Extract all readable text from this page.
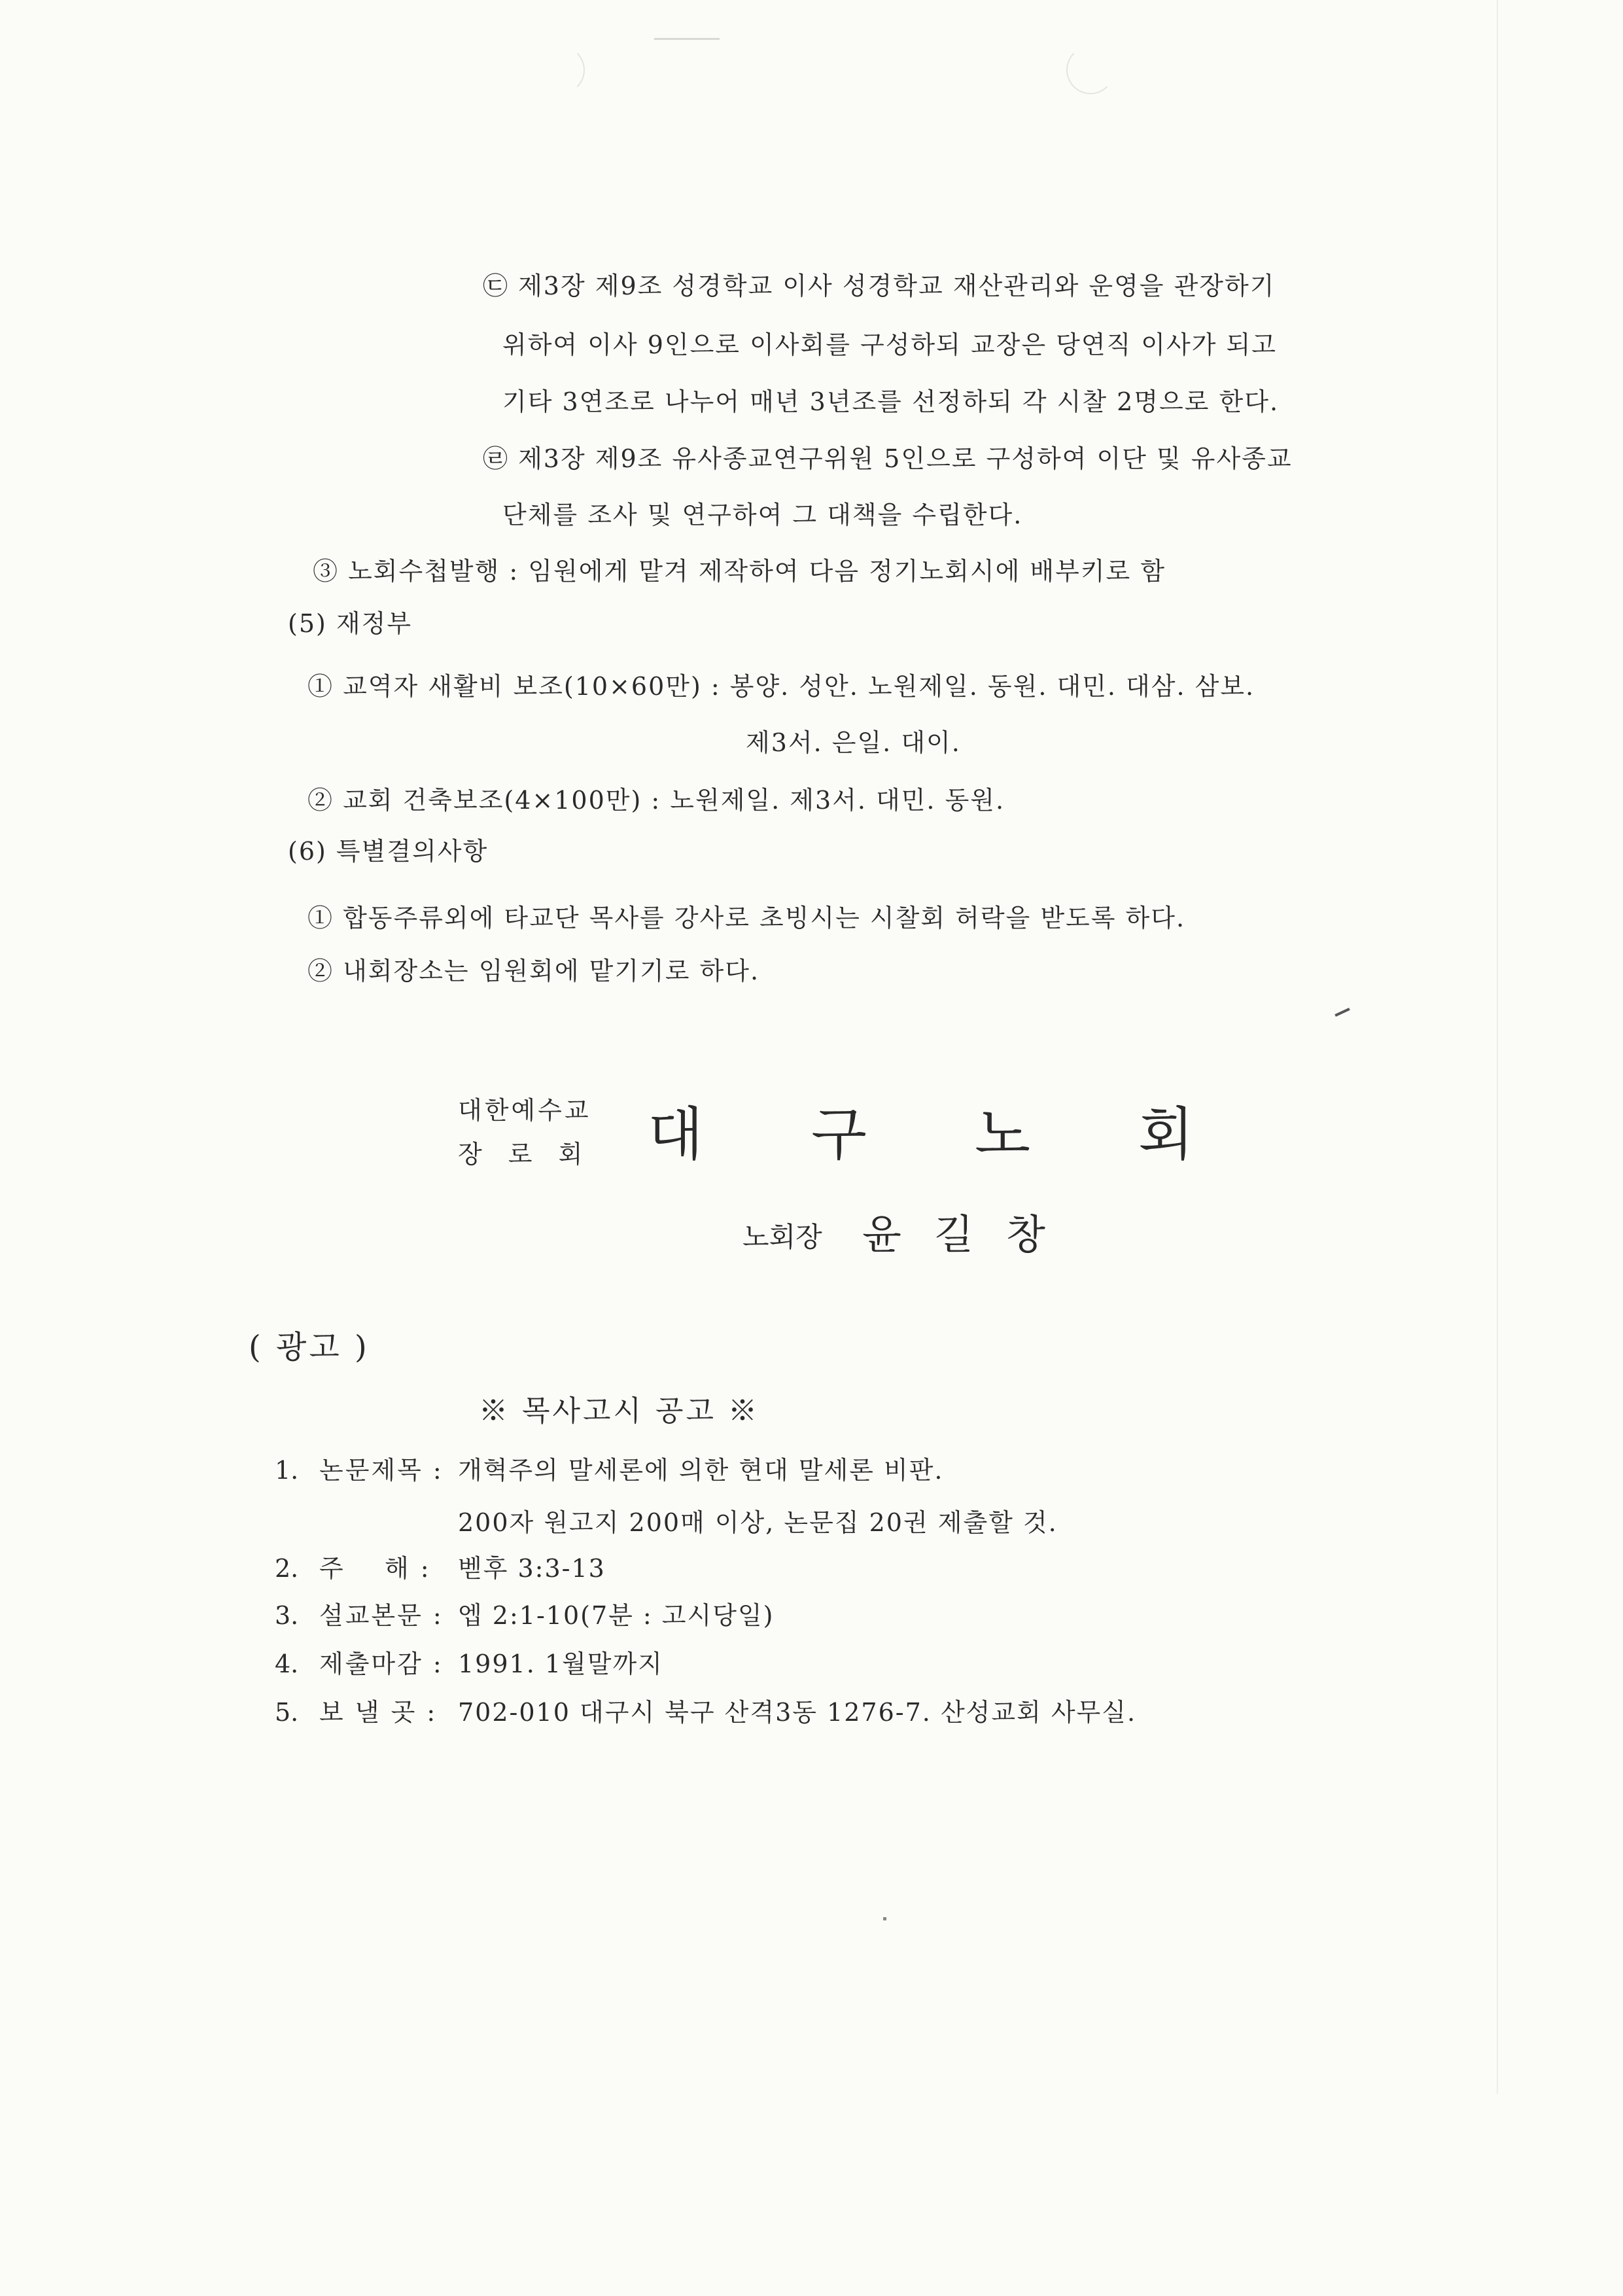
㉢ 제3장 제9조 성경학교 이사 성경학교 재산관리와 운영을 관장하기
위하여 이사 9인으로 이사회를 구성하되 교장은 당연직 이사가 되고
기타 3연조로 나누어 매년 3년조를 선정하되 각 시찰 2명으로 한다.
㉣ 제3장 제9조 유사종교연구위원 5인으로 구성하여 이단 및 유사종교
단체를 조사 및 연구하여 그 대책을 수립한다.
③ 노회수첩발행 : 임원에게 맡겨 제작하여 다음 정기노회시에 배부키로 함
(5) 재정부
① 교역자 새활비 보조(10×60만) : 봉양. 성안. 노원제일. 동원. 대민. 대삼. 삼보.
제3서. 은일. 대이.
② 교회 건축보조(4×100만) : 노원제일. 제3서. 대민. 동원.
(6) 특별결의사항
① 합동주류외에 타교단 목사를 강사로 초빙시는 시찰회 허락을 받도록 하다.
② 내회장소는 임원회에 맡기기로 하다.
대한예수교
장 로 회 대 구 노 회
노회장 윤 길 창
( 광고 )
※ 목사고시 공고 ※
1. 논문제목 : 개혁주의 말세론에 의한 현대 말세론 비판.
200자 원고지 200매 이상, 논문집 20권 제출할 것.
2. 주    해 : 벧후 3:3-13
3. 설교본문 : 엡 2:1-10(7분 : 고시당일)
4. 제출마감 : 1991. 1월말까지
5. 보 낼 곳 : 702-010 대구시 북구 산격3동 1276-7. 산성교회 사무실.
